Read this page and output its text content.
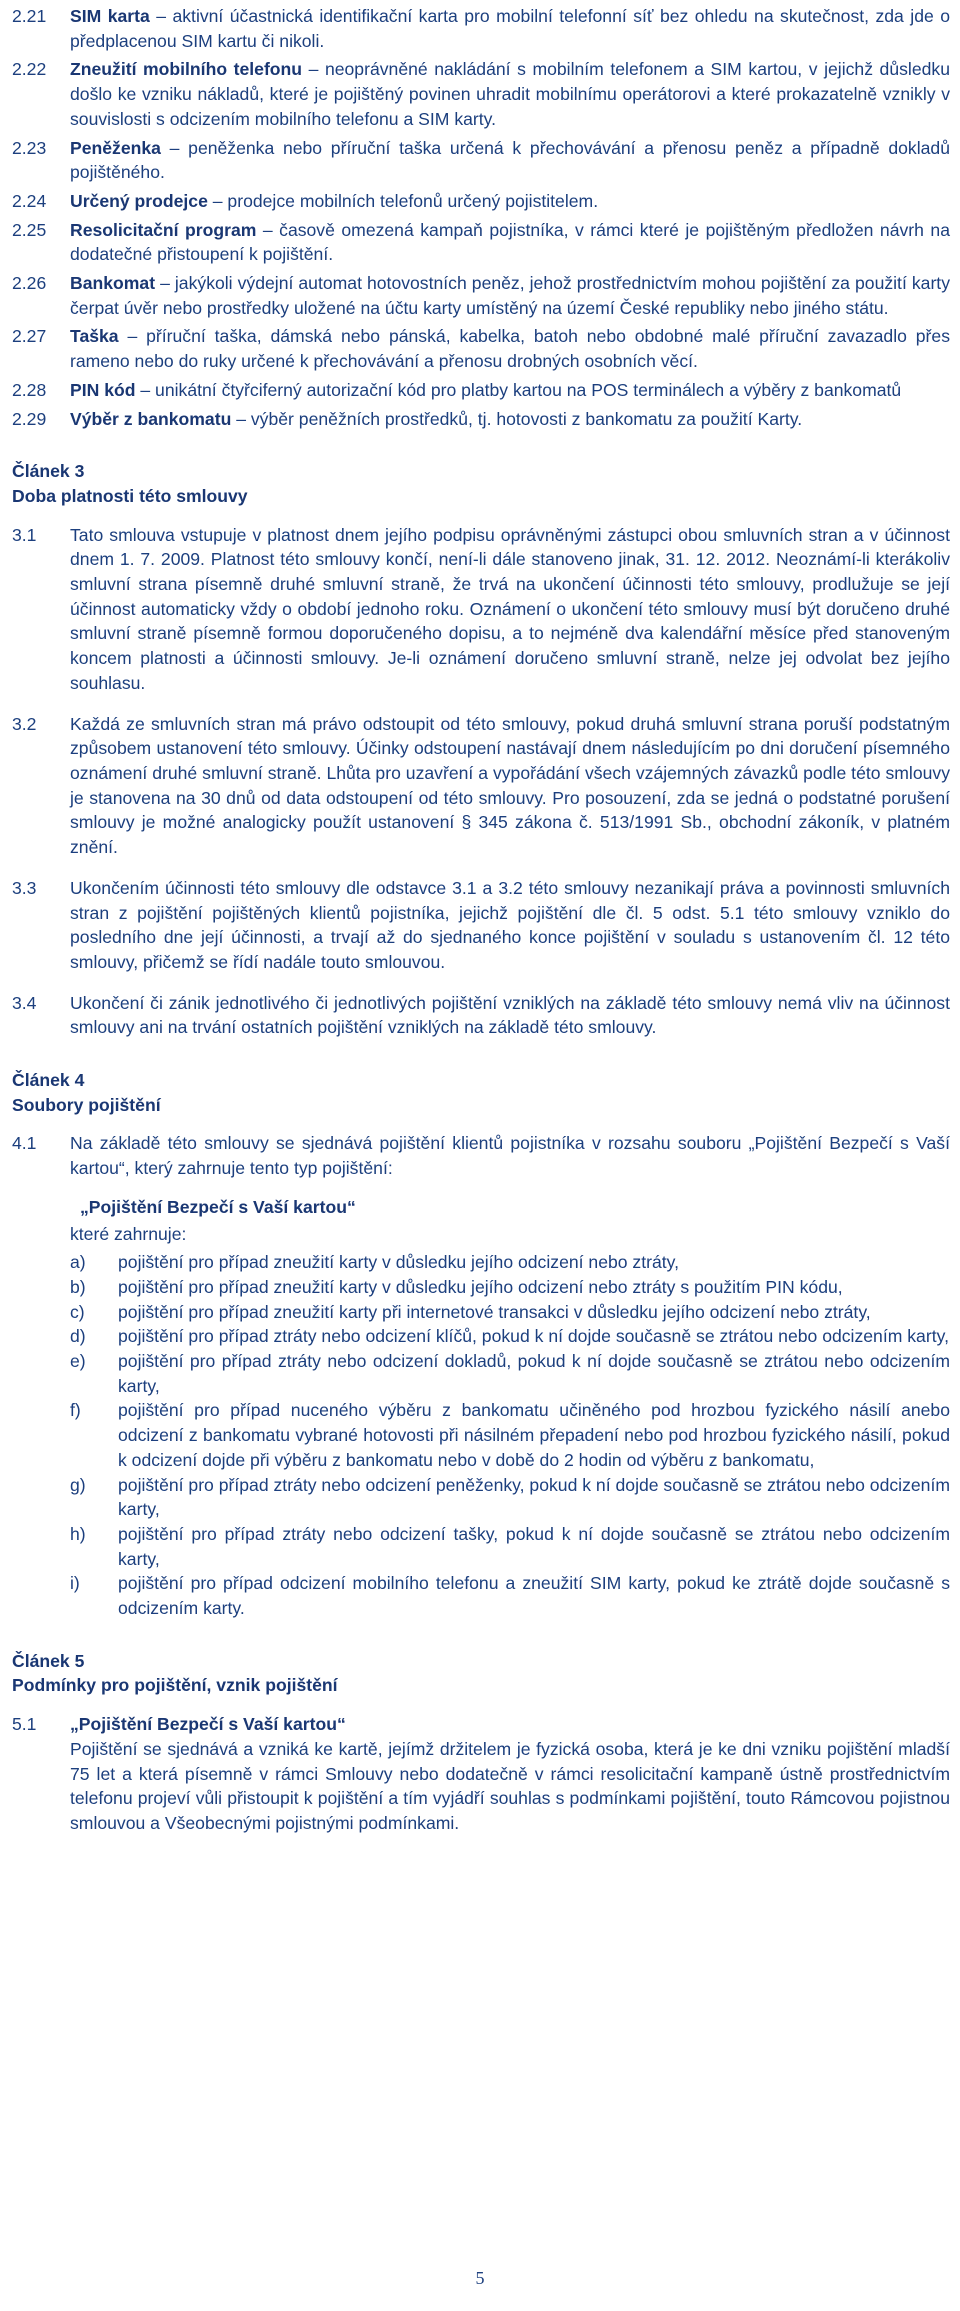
2.21	SIM karta – aktivní účastnická identifikační karta pro mobilní telefonní síť bez ohledu na skutečnost, zda jde o předplacenou SIM kartu či nikoli.
2.22	Zneužití mobilního telefonu – neoprávněné nakládání s mobilním telefonem a SIM kartou, v jejichž důsledku došlo ke vzniku nákladů, které je pojištěný povinen uhradit mobilnímu operátorovi a které prokazatelně vznikly v souvislosti s odcizením mobilního telefonu a SIM karty.
2.23	Peněženka – peněženka nebo příruční taška určená k přechovávání a přenosu peněz a případně dokladů pojištěného.
2.24	Určený prodejce – prodejce mobilních telefonů určený pojistitelem.
2.25	Resolicitační program – časově omezená kampaň pojistníka, v rámci které je pojištěným předložen návrh na dodatečné přistoupení k pojištění.
2.26	Bankomat – jakýkoli výdejní automat hotovostních peněz, jehož prostřednictvím mohou pojištění za použití karty čerpat úvěr nebo prostředky uložené na účtu karty umístěný na území České republiky nebo jiného státu.
2.27	Taška – příruční taška, dámská nebo pánská, kabelka, batoh nebo obdobné malé příruční zavazadlo přes rameno nebo do ruky určené k přechovávání a přenosu drobných osobních věcí.
2.28	PIN kód – unikátní čtyřciferný autorizační kód pro platby kartou na POS terminálech a výběry z bankomatů
2.29	Výběr z bankomatu – výběr peněžních prostředků, tj. hotovosti z bankomatu za použití Karty.
Článek 3
Doba platnosti této smlouvy
3.1	Tato smlouva vstupuje v platnost dnem jejího podpisu oprávněnými zástupci obou smluvních stran a v účinnost dnem 1. 7. 2009. Platnost této smlouvy končí, není-li dále stanoveno jinak, 31. 12. 2012. Neoznámí-li kterákoliv smluvní strana písemně druhé smluvní straně, že trvá na ukončení účinnosti této smlouvy, prodlužuje se její účinnost automaticky vždy o období jednoho roku. Oznámení o ukončení této smlouvy musí být doručeno druhé smluvní straně písemně formou doporučeného dopisu, a to nejméně dva kalendářní měsíce před stanoveným koncem platnosti a účinnosti smlouvy. Je-li oznámení doručeno smluvní straně, nelze jej odvolat bez jejího souhlasu.
3.2	Každá ze smluvních stran má právo odstoupit od této smlouvy, pokud druhá smluvní strana poruší podstatným způsobem ustanovení této smlouvy. Účinky odstoupení nastávají dnem následujícím po dni doručení písemného oznámení druhé smluvní straně. Lhůta pro uzavření a vypořádání všech vzájemných závazků podle této smlouvy je stanovena na 30 dnů od data odstoupení od této smlouvy. Pro posouzení, zda se jedná o podstatné porušení smlouvy je možné analogicky použít ustanovení § 345 zákona č. 513/1991 Sb., obchodní zákoník, v platném znění.
3.3	Ukončením účinnosti této smlouvy dle odstavce 3.1 a 3.2 této smlouvy nezanikají práva a povinnosti smluvních stran z pojištění pojištěných klientů pojistníka, jejichž pojištění dle čl. 5 odst. 5.1 této smlouvy vzniklo do posledního dne její účinnosti, a trvají až do sjednaného konce pojištění v souladu s ustanovením čl. 12 této smlouvy, přičemž se řídí nadále touto smlouvou.
3.4	Ukončení či zánik jednotlivého či jednotlivých pojištění vzniklých na základě této smlouvy nemá vliv na účinnost smlouvy ani na trvání ostatních pojištění vzniklých na základě této smlouvy.
Článek 4
Soubory pojištění
4.1	Na základě této smlouvy se sjednává pojištění klientů pojistníka v rozsahu souboru „Pojištění Bezpečí s Vaší kartou“, který zahrnuje tento typ pojištění:
„Pojištění Bezpečí s Vaší kartou“
které zahrnuje:
a)	pojištění pro případ zneužití karty v důsledku jejího odcizení nebo ztráty,
b)	pojištění pro případ zneužití karty v důsledku jejího odcizení nebo ztráty s použitím PIN kódu,
c)	pojištění pro případ zneužití karty při internetové transakci v důsledku jejího odcizení nebo ztráty,
d)	pojištění pro případ ztráty nebo odcizení klíčů, pokud k ní dojde současně se ztrátou nebo odcizením karty,
e)	pojištění pro případ ztráty nebo odcizení dokladů, pokud k ní dojde současně se ztrátou nebo odcizením karty,
f)	pojištění pro případ nuceného výběru z bankomatu učiněného pod hrozbou fyzického násilí anebo odcizení z bankomatu vybrané hotovosti při násilném přepadení nebo pod hrozbou fyzického násilí, pokud k odcizení dojde při výběru z bankomatu nebo v době do 2 hodin od výběru z bankomatu,
g)	pojištění pro případ ztráty nebo odcizení peněženky, pokud k ní dojde současně se ztrátou nebo odcizením karty,
h)	pojištění pro případ ztráty nebo odcizení tašky, pokud k ní dojde současně se ztrátou nebo odcizením karty,
i)	pojištění pro případ odcizení mobilního telefonu a zneužití SIM karty, pokud ke ztrátě dojde současně s odcizením karty.
Článek 5
Podmínky pro pojištění, vznik pojištění
5.1	„Pojištění Bezpečí s Vaší kartou“
Pojištění se sjednává a vzniká ke kartě, jejímž držitelem je fyzická osoba, která je ke dni vzniku pojištění mladší 75 let a která písemně v rámci Smlouvy nebo dodatečně v rámci resolicitační kampaně ústně prostřednictvím telefonu projeví vůli přistoupit k pojištění a tím vyjádří souhlas s podmínkami pojištění, touto Rámcovou pojistnou smlouvou a Všeobecnými pojistnými podmínkami.
5
